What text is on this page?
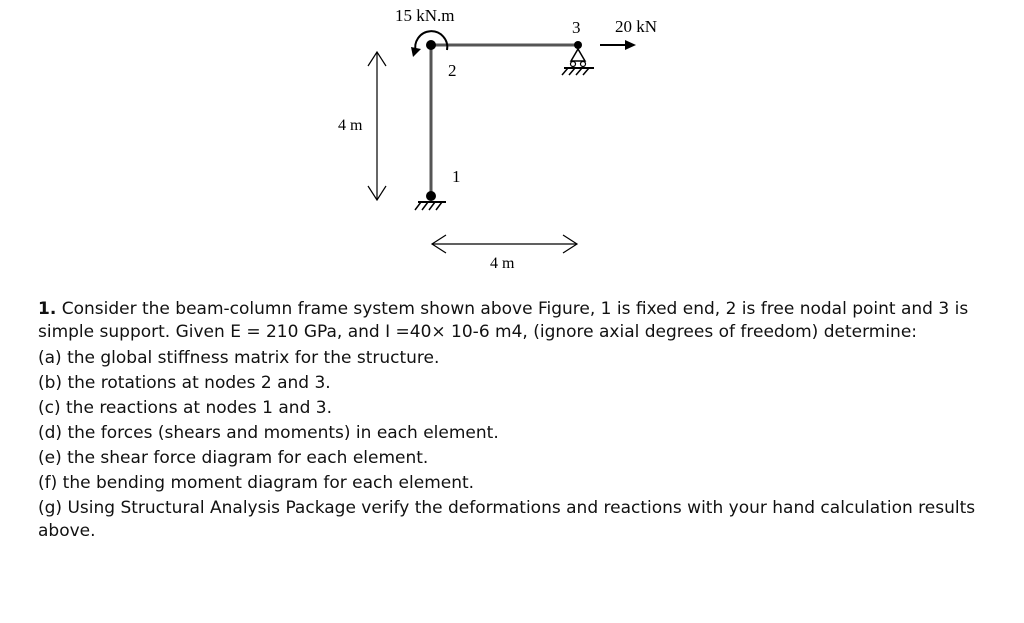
15 kN.m
20 kN
4 m
4 m
1
2
3

1. Consider the beam-column frame system shown above Figure, 1 is fixed end, 2 is free nodal point and 3 is simple support. Given E = 210 GPa, and I =40× 10-6 m4, (ignore axial degrees of freedom) determine:

(a) the global stiffness matrix for the structure.

(b) the rotations at nodes 2 and 3.

(c) the reactions at nodes 1 and 3.

(d) the forces (shears and moments) in each element.

(e) the shear force diagram for each element.

(f) the bending moment diagram for each element.

(g) Using Structural Analysis Package verify the deformations and reactions with your hand calculation results above.
